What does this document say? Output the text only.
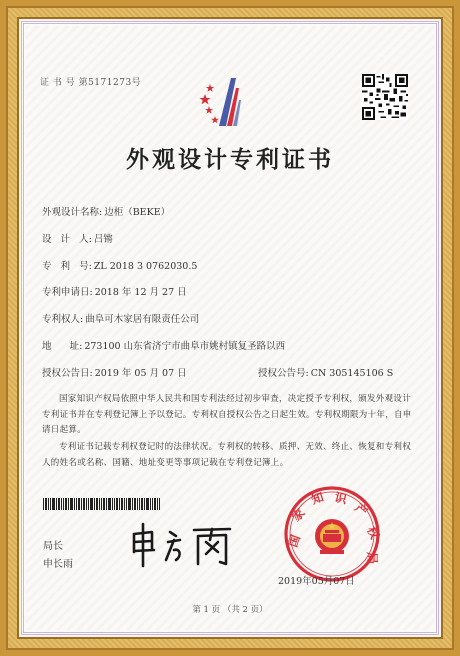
证 书 号 第5171273号
外观设计专利证书
外观设计名称: 边柜（BEKE）
设   计   人: 吕锵
专   利   号: ZL 2018 3 0762030.5
专利申请日: 2018 年 12 月 27 日
专利权人: 曲阜可木家居有限责任公司
地      址: 273100 山东省济宁市曲阜市姚村镇复圣路以西
授权公告日: 2019 年 05 月 07 日	授权公告号: CN 305145106 S
国家知识产权局依照中华人民共和国专利法经过初步审查，决定授予专利权，颁发外观设计专利证书并在专利登记簿上予以登记。专利权自授权公告之日起生效。专利权期限为十年，自申请日起算。
专利证书记载专利权登记时的法律状况。专利权的转移、质押、无效、终止、恢复和专利权人的姓名或名称、国籍、地址变更等事项记载在专利登记簿上。
局长
申长雨
国
家
知 识
产
权
局
2019年05月07日
第 1 页 （共 2 页）
